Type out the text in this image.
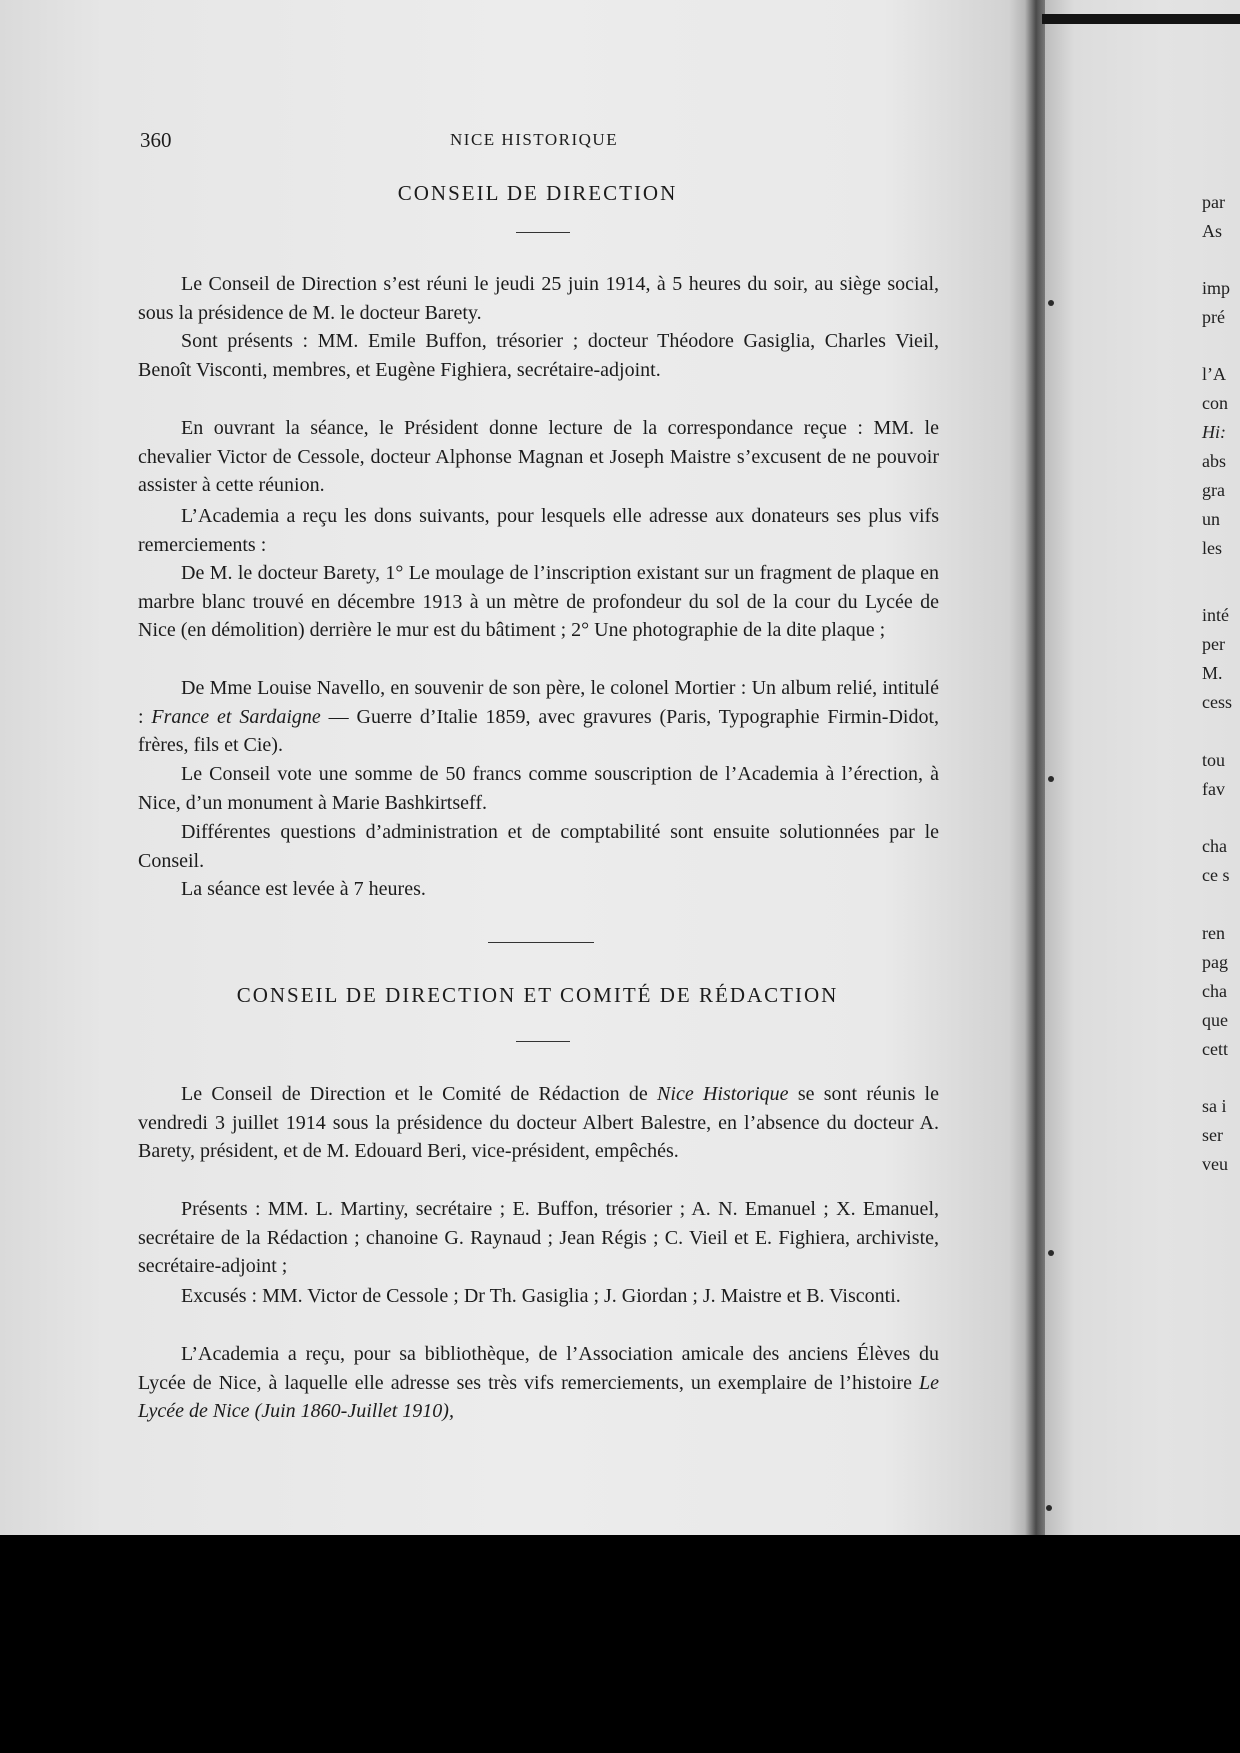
360	NICE HISTORIQUE
CONSEIL DE DIRECTION

Le Conseil de Direction s’est réuni le jeudi 25 juin 1914, à 5 heures du soir, au siège social, sous la présidence de M. le docteur Barety.

Sont présents : MM. Emile Buffon, trésorier ; docteur Théodore Gasiglia, Charles Vieil, Benoît Visconti, membres, et Eugène Fighiera, secrétaire-adjoint.

En ouvrant la séance, le Président donne lecture de la correspondance reçue : MM. le chevalier Victor de Cessole, docteur Alphonse Magnan et Joseph Maistre s’excusent de ne pouvoir assister à cette réunion.

L’Academia a reçu les dons suivants, pour lesquels elle adresse aux donateurs ses plus vifs remerciements :

De M. le docteur Barety, 1° Le moulage de l’inscription existant sur un fragment de plaque en marbre blanc trouvé en décembre 1913 à un mètre de profondeur du sol de la cour du Lycée de Nice (en démolition) derrière le mur est du bâtiment ; 2° Une photographie de la dite plaque ;

De Mme Louise Navello, en souvenir de son père, le colonel Mortier : Un album relié, intitulé : France et Sardaigne — Guerre d’Italie 1859, avec gravures (Paris, Typographie Firmin-Didot, frères, fils et Cie).

Le Conseil vote une somme de 50 francs comme souscription de l’Academia à l’érection, à Nice, d’un monument à Marie Bashkirtseff.

Différentes questions d’administration et de comptabilité sont ensuite solutionnées par le Conseil.

La séance est levée à 7 heures.

CONSEIL DE DIRECTION ET COMITÉ DE RÉDACTION

Le Conseil de Direction et le Comité de Rédaction de Nice Historique se sont réunis le vendredi 3 juillet 1914 sous la présidence du docteur Albert Balestre, en l’absence du docteur A. Barety, président, et de M. Edouard Beri, vice-président, empêchés.

Présents : MM. L. Martiny, secrétaire ; E. Buffon, trésorier ; A. N. Emanuel ; X. Emanuel, secrétaire de la Rédaction ; chanoine G. Raynaud ; Jean Régis ; C. Vieil et E. Fighiera, archiviste, secrétaire-adjoint ;

Excusés : MM. Victor de Cessole ; Dr Th. Gasiglia ; J. Giordan ; J. Maistre et B. Visconti.

L’Academia a reçu, pour sa bibliothèque, de l’Association amicale des anciens Élèves du Lycée de Nice, à laquelle elle adresse ses très vifs remerciements, un exemplaire de l’histoire Le Lycée de Nice (Juin 1860-Juillet 1910),

par
As
imp
pré
l’A
con
Hi:
abs
gra
un
les
inté
per
M.
cess
tou
fav
cha
ce s
ren
pag
cha
que
cett
sa i
ser
veu
